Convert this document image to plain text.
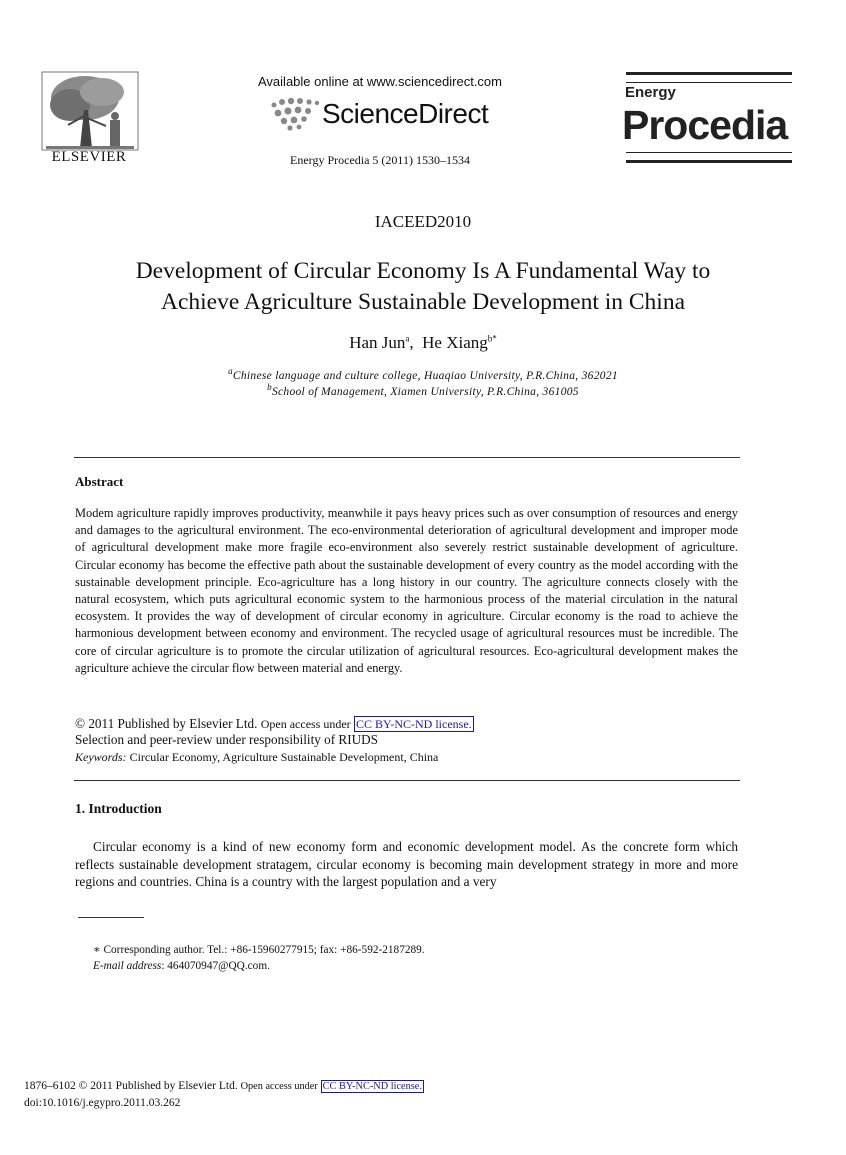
ELSEVIER
Available online at www.sciencedirect.com
ScienceDirect
Energy Procedia 5 (2011) 1530–1534
Energy
Procedia
IACEED2010
Development of Circular Economy Is A Fundamental Way to
Achieve Agriculture Sustainable Development in China
Han Jun$^a$,  He Xiang$^{b*}$
$^a$Chinese language and culture college, Huaqiao University, P.R.China, 362021
$^b$School of Management, Xiamen University, P.R.China, 361005
Abstract
Modem agriculture rapidly improves productivity, meanwhile it pays heavy prices such as over consumption of resources and energy and damages to the agricultural environment. The eco-environmental deterioration of agricultural development and improper mode of agricultural development make more fragile eco-environment also severely restrict sustainable development of agriculture. Circular economy has become the effective path about the sustainable development of every country as the model according with the sustainable development principle. Eco-agriculture has a long history in our country. The agriculture connects closely with the natural ecosystem, which puts agricultural economic system to the harmonious process of the material circulation in the natural ecosystem. It provides the way of development of circular economy in agriculture. Circular economy is the road to achieve the harmonious development between economy and environment. The recycled usage of agricultural resources must be incredible. The core of circular agriculture is to promote the circular utilization of agricultural resources. Eco-agricultural development makes the agriculture achieve the circular flow between material and energy.
© 2011 Published by Elsevier Ltd. Open access under CC BY-NC-ND license.
Selection and peer-review under responsibility of RIUDS
Keywords: Circular Economy, Agriculture Sustainable Development, China
1. Introduction
Circular economy is a kind of new economy form and economic development model. As the concrete form which reflects sustainable development stratagem, circular economy is becoming main development strategy in more and more regions and countries. China is a country with the largest population and a very
∗ Corresponding author. Tel.: +86-15960277915; fax: +86-592-2187289.
E-mail address: 464070947@QQ.com.
1876–6102 © 2011 Published by Elsevier Ltd. Open access under CC BY-NC-ND license.
doi:10.1016/j.egypro.2011.03.262
